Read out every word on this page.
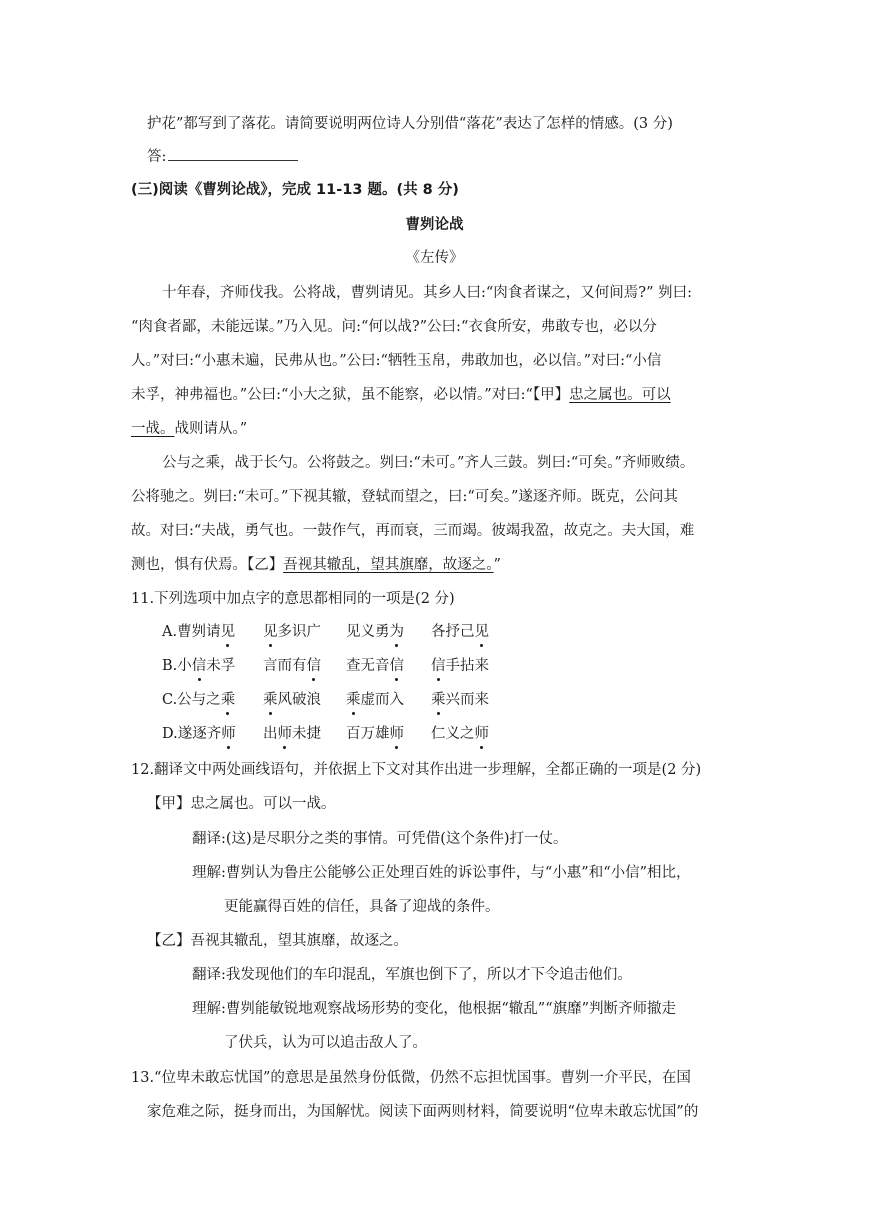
护花”都写到了落花。请简要说明两位诗人分别借“落花”表达了怎样的情感。(3 分)
答:
(三)阅读《曹刿论战》，完成 11-13 题。(共 8 分)
曹刿论战
《左传》
十年春，齐师伐我。公将战，曹刿请见。其乡人曰:“肉食者谋之，又何间焉?” 刿曰:
“肉食者鄙，未能远谋。”乃入见。问:“何以战?”公曰:“衣食所安，弗敢专也，必以分
人。”对曰:“小惠未遍，民弗从也。”公曰:“牺牲玉帛，弗敢加也，必以信。”对曰:“小信
未孚，神弗福也。”公曰:“小大之狱，虽不能察，必以情。”对曰:“【甲】忠之属也。可以
一战。战则请从。”
公与之乘，战于长勺。公将鼓之。刿曰:“未可。”齐人三鼓。刿曰:“可矣。”齐师败绩。
公将驰之。刿曰:“未可。”下视其辙，登轼而望之，曰:“可矣。”遂逐齐师。既克，公问其
故。对曰:“夫战，勇气也。一鼓作气，再而衰，三而竭。彼竭我盈，故克之。夫大国，难
测也，惧有伏焉。【乙】吾视其辙乱，望其旗靡，故逐之。”
11.下列选项中加点字的意思都相同的一项是(2 分)
A.曹刿请见 见多识广 见义勇为 各抒己见
B.小信未孚 言而有信 查无音信 信手拈来
C.公与之乘 乘风破浪 乘虚而入 乘兴而来
D.遂逐齐师 出师未捷 百万雄师 仁义之师
12.翻译文中两处画线语句，并依据上下文对其作出进一步理解，全都正确的一项是(2 分)
【甲】忠之属也。可以一战。
翻译:(这)是尽职分之类的事情。可凭借(这个条件)打一仗。
理解:曹刿认为鲁庄公能够公正处理百姓的诉讼事件，与“小惠”和“小信”相比，
更能赢得百姓的信任，具备了迎战的条件。
【乙】吾视其辙乱，望其旗靡，故逐之。
翻译:我发现他们的车印混乱，军旗也倒下了，所以才下令追击他们。
理解:曹刿能敏锐地观察战场形势的变化，他根据“辙乱”“旗靡”判断齐师撤走
了伏兵，认为可以追击敌人了。
13.“位卑未敢忘忧国”的意思是虽然身份低微，仍然不忘担忧国事。曹刿一介平民，在国
家危难之际，挺身而出，为国解忧。阅读下面两则材料，简要说明“位卑未敢忘忧国”的
